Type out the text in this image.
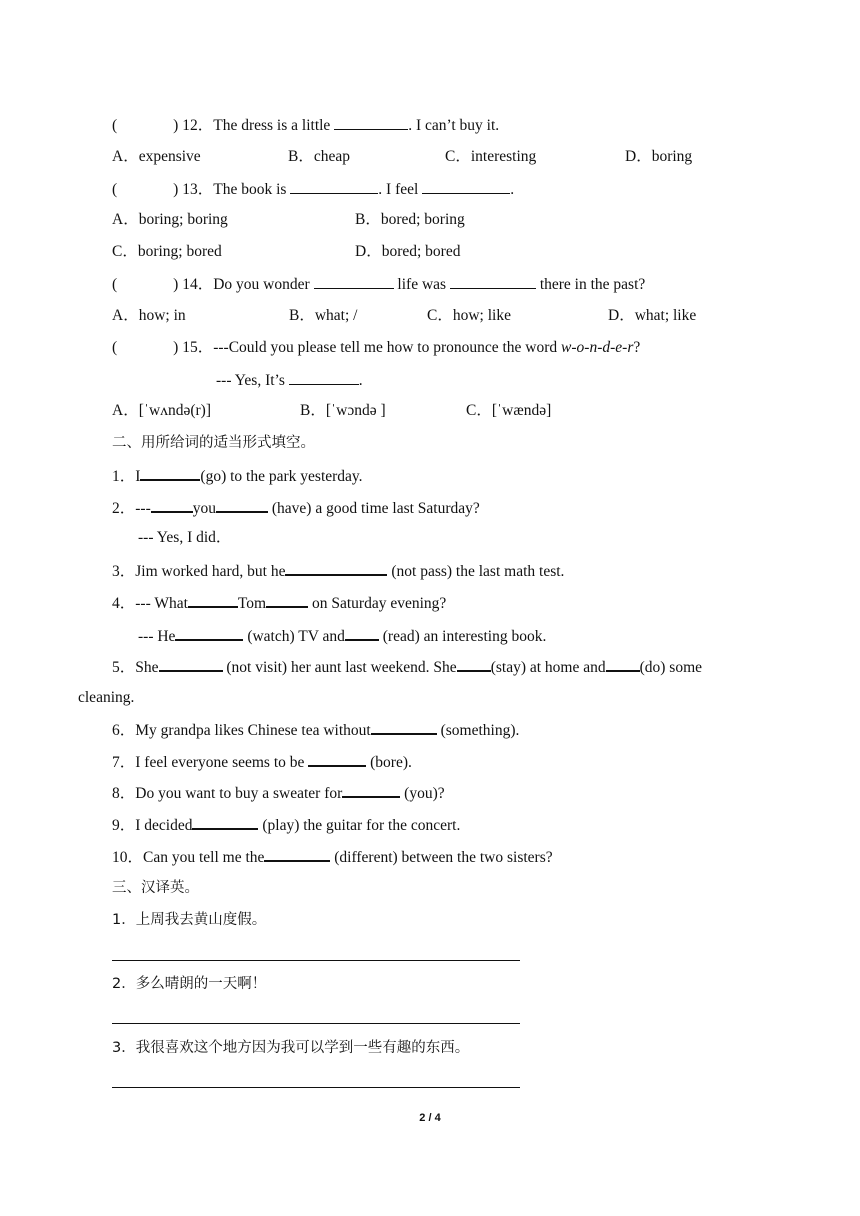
(	) 12．The dress is a little	. I can’t buy it.
A．expensive	B．cheap	C．interesting	D．boring
(	) 13．The book is	. I feel	.
A．boring; boring	B．bored; boring
C．boring; bored	D．bored; bored
(	) 14．Do you wonder	life was	there in the past?
A．how; in	B．what; /	C．how; like	D．what; like
(	) 15．---Could you please tell me how to pronounce the word w-o-n-d-e-r?
--- Yes, It’s	.
A．[ˈwʌndə(r)]	B．[ˈwɔndə ]	C．[ˈwændə]
二、用所给词的适当形式填空。
1．I	(go) to the park yesterday.
2．---	you	(have) a good time last Saturday?
--- Yes, I did．
3．Jim worked hard, but he	(not pass) the last math test.
4．--- What	Tom	on Saturday evening?
--- He	(watch) TV and (read) an interesting book.
5．She	(not visit) her aunt last weekend. She (stay) at home and (do) some
cleaning.
6．My grandpa likes Chinese tea without	(something).
7．I feel everyone seems to be	(bore).
8．Do you want to buy a sweater for	(you)?
9．I decided	(play) the guitar for the concert.
10．Can you tell me the	(different) between the two sisters?
三、汉译英。
1．上周我去黄山度假。
2．多么晴朗的一天啊！
3．我很喜欢这个地方因为我可以学到一些有趣的东西。
2 / 4
